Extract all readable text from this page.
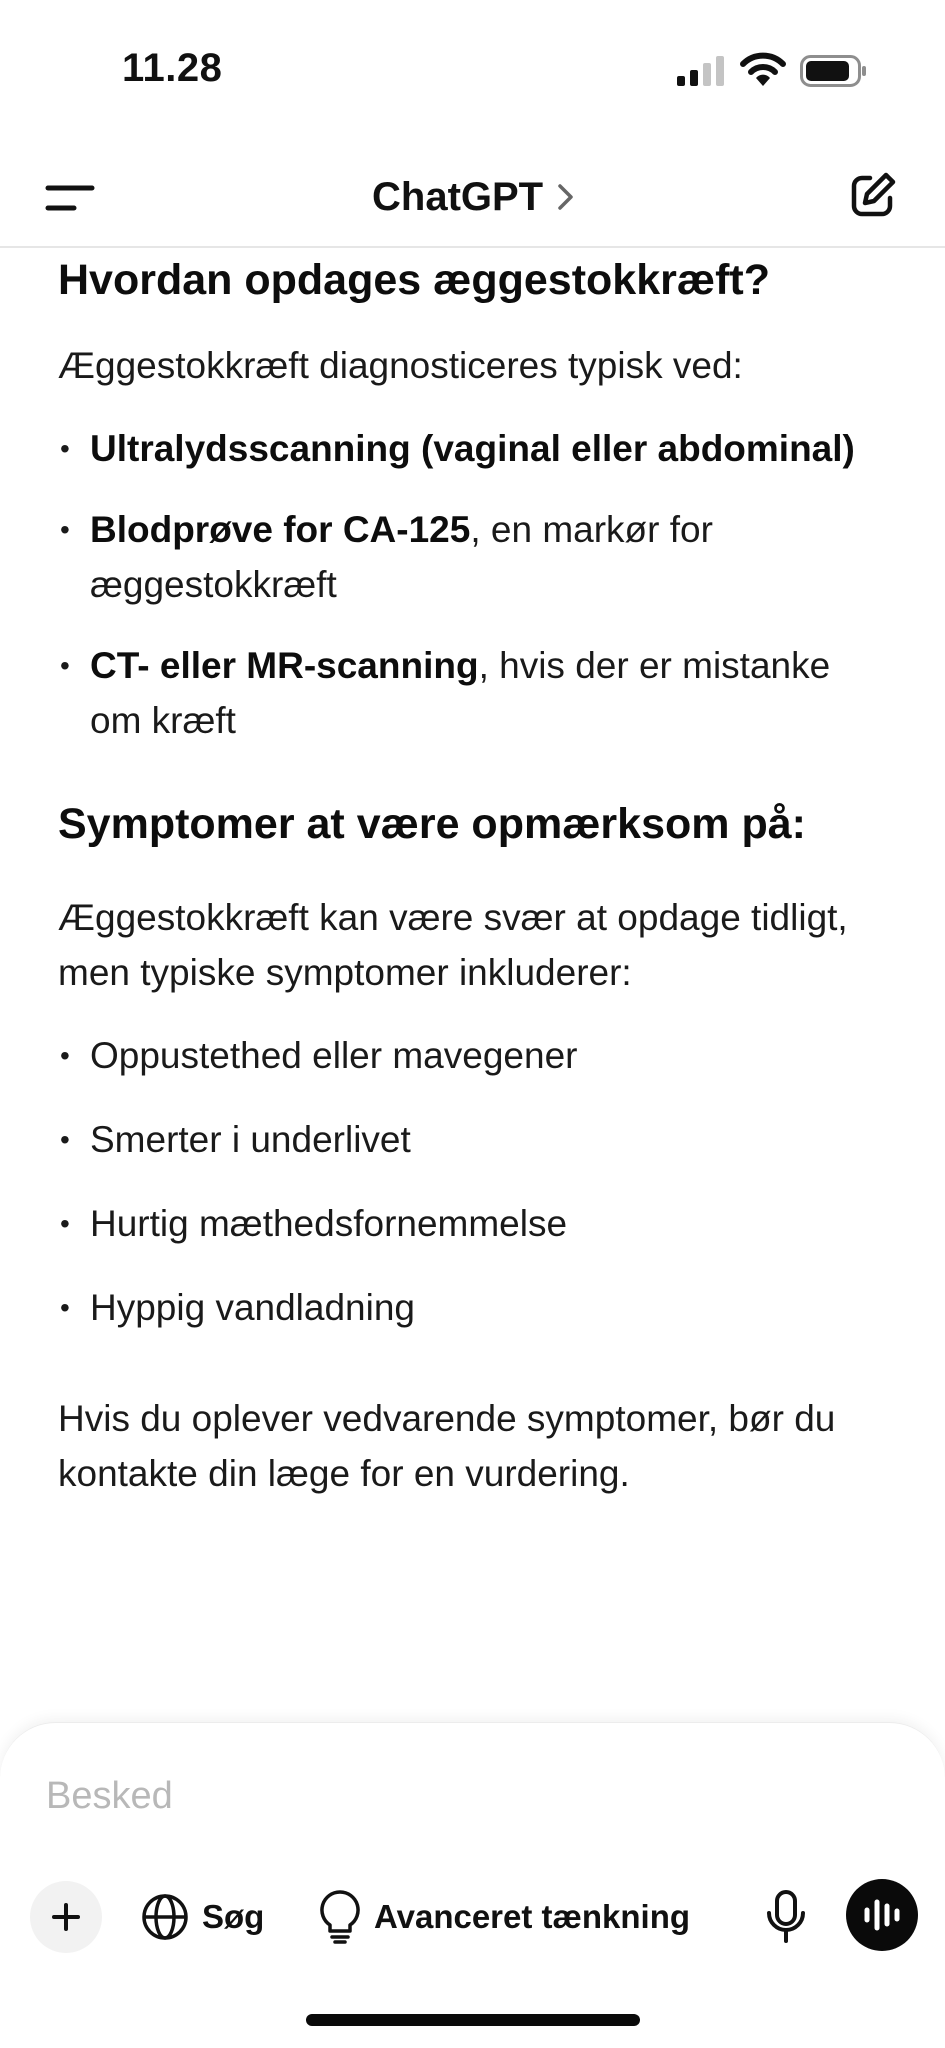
11.28
ChatGPT
Hvordan opdages æggestokkræft?
Æggestokkræft diagnosticeres typisk ved:
• Ultralydsscanning (vaginal eller abdominal)
• Blodprøve for CA-125, en markør for æggestokkræft
• CT- eller MR-scanning, hvis der er mistanke om kræft
Symptomer at være opmærksom på:
Æggestokkræft kan være svær at opdage tidligt, men typiske symptomer inkluderer:
• Oppustethed eller mavegener
• Smerter i underlivet
• Hurtig mæthedsfornemmelse
• Hyppig vandladning
Hvis du oplever vedvarende symptomer, bør du kontakte din læge for en vurdering.
Besked
Søg	Avanceret tænkning
